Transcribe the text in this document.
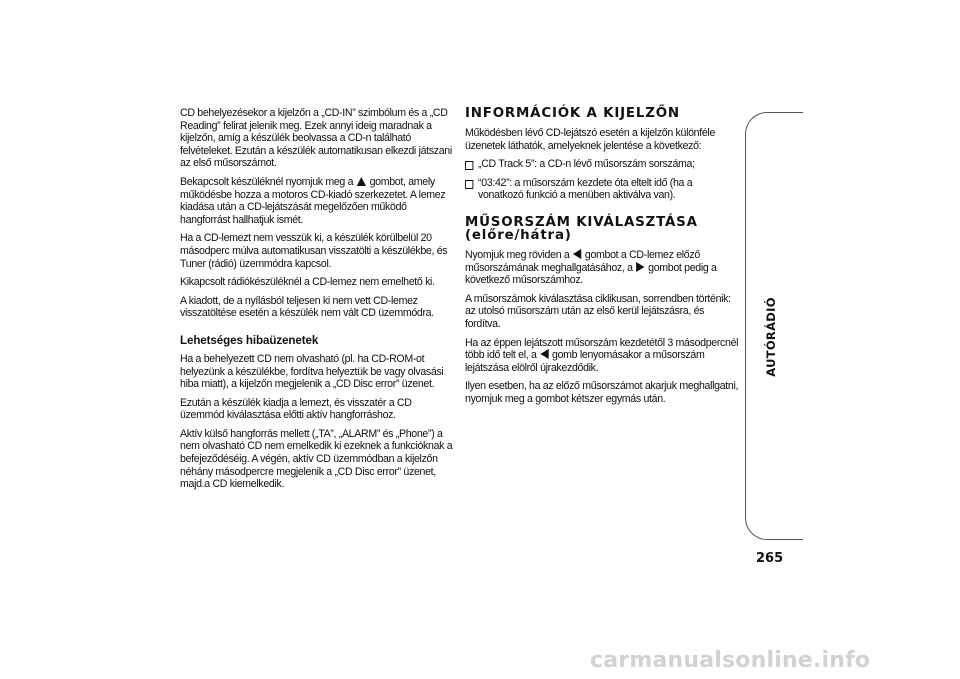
CD behelyezésekor a kijelzőn a „CD-IN” szimbólum és a „CD Reading” felirat jelenik meg. Ezek annyi ideig maradnak a kijelzőn, amíg a készülék beolvassa a CD-n található felvételeket. Ezután a készülék automatikusan elkezdi játszani az első műsorszámot.

Bekapcsolt készüléknél nyomjuk meg a  gombot, amely működésbe hozza a motoros CD-kiadó szerkezetet. A lemez kiadása után a CD-lejátszását megelőzően működő hangforrást hallhatjuk ismét.

Ha a CD-lemezt nem vesszük ki, a készülék körülbelül 20 másodperc múlva automatikusan visszatölti a készülékbe, és Tuner (rádió) üzemmódra kapcsol.

Kikapcsolt rádiókészüléknél a CD-lemez nem emelhető ki.

A kiadott, de a nyílásból teljesen ki nem vett CD-lemez visszatöltése esetén a készülék nem vált CD üzemmódra.

Lehetséges hibaüzenetek

Ha a behelyezett CD nem olvasható (pl. ha CD-ROM-ot helyezünk a készülékbe, fordítva helyeztük be vagy olvasási hiba miatt), a kijelzőn megjelenik a „CD Disc error” üzenet.

Ezután a készülék kiadja a lemezt, és visszatér a CD üzemmód kiválasztása előtti aktív hangforráshoz.

Aktív külső hangforrás mellett („TA”, „ALARM” és „Phone”) a nem olvasható CD nem emelkedik ki ezeknek a funkcióknak a befejeződéséig. A végén, aktív CD üzemmódban a kijelzőn néhány másodpercre megjelenik a „CD Disc error” üzenet, majd.a CD kiemelkedik.

INFORMÁCIÓK A KIJELZŐN

Működésben lévő CD-lejátszó esetén a kijelzőn különféle üzenetek láthatók, amelyeknek jelentése a következő:

„CD Track 5”: a CD-n lévő műsorszám sorszáma;
“03:42”: a műsorszám kezdete óta eltelt idő (ha a vonatkozó funkció a menüben aktiválva van).
MŰSORSZÁM KIVÁLASZTÁSA
(előre/hátra)

Nyomjuk meg röviden a  gombot a CD-lemez előző műsorszámának meghallgatásához, a  gombot pedig a következő műsorszámhoz.

A műsorszámok kiválasztása ciklikusan, sorrendben történik: az utolsó műsorszám után az első kerül lejátszásra, és fordítva.

Ha az éppen lejátszott műsorszám kezdetétől 3 másodpercnél több idő telt el, a  gomb lenyomásakor a műsorszám lejátszása elölről újrakezdődik.

Ilyen esetben, ha az előző műsorszámot akarjuk meghallgatni, nyomjuk meg a gombot kétszer egymás után.

AUTÓRÁDIÓ
265
carmanualsonline.info
